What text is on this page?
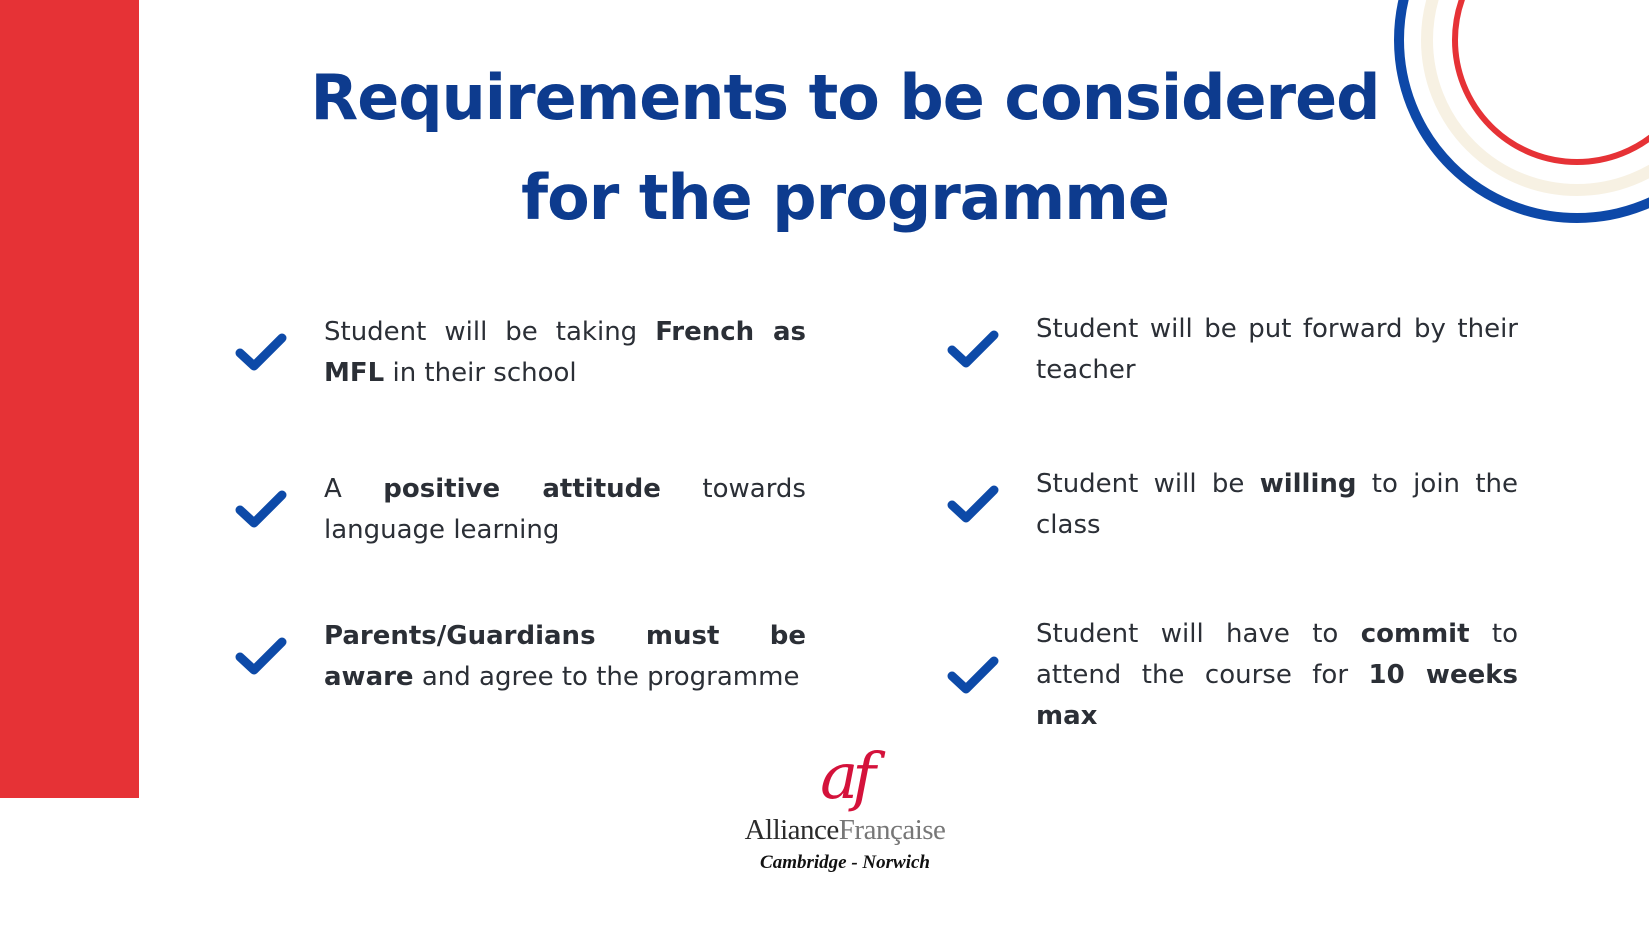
Requirements to be considered
for the programme
Student will be taking French as MFL in their school
A positive attitude towards language learning
Parents/Guardians must be aware and agree to the programme
Student will be put forward by their teacher
Student will be willing to join the class
Student will have to commit to attend the course for 10 weeks max
af
AllianceFrançaise
Cambridge - Norwich
